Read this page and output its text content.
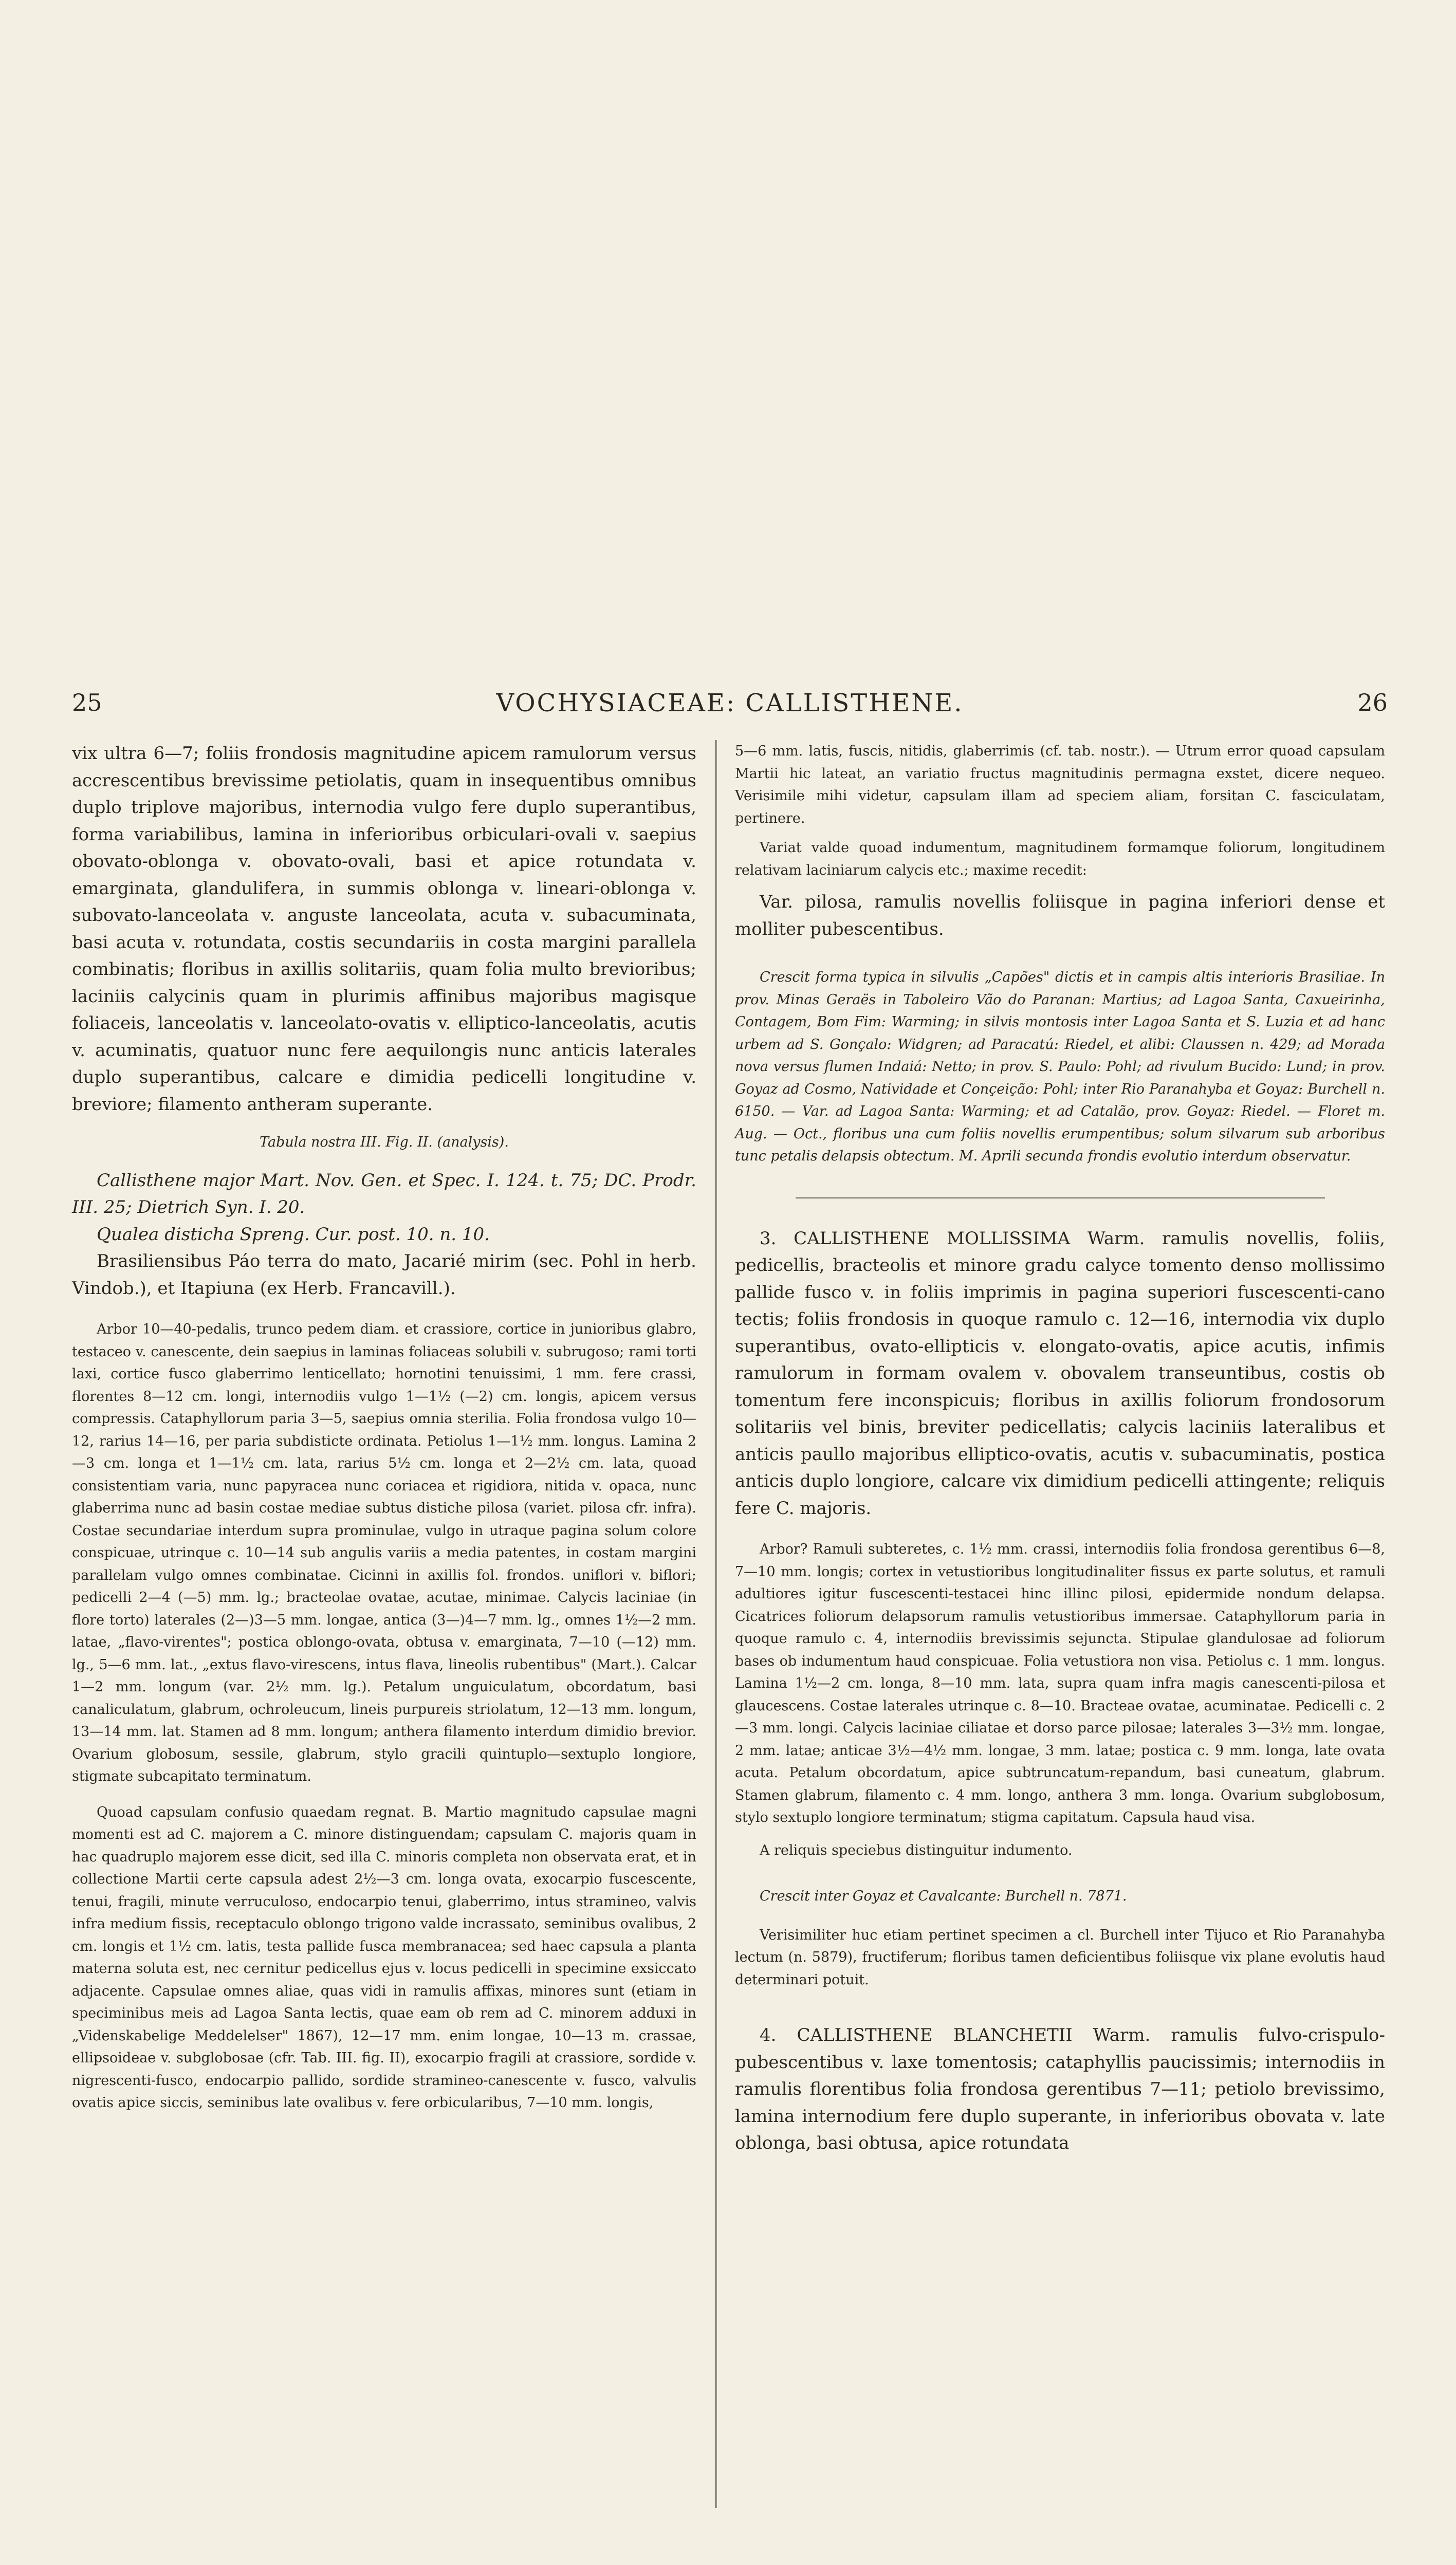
25	VOCHYSIACEAE: CALLISTHENE.	26

vix ultra 6—7; foliis frondosis magnitudine apicem ramulorum versus accrescentibus brevissime petiolatis, quam in insequentibus omnibus duplo triplove majoribus, internodia vulgo fere duplo superantibus, forma variabilibus, lamina in inferioribus orbiculari-ovali v. saepius obovato-oblonga v. obovato-ovali, basi et apice rotundata v. emarginata, glandulifera, in summis oblonga v. lineari-oblonga v. subovato-lanceolata v. anguste lanceolata, acuta v. subacuminata, basi acuta v. rotundata, costis secundariis in costa margini parallela combinatis; floribus in axillis solitariis, quam folia multo brevioribus; laciniis calycinis quam in plurimis affinibus majoribus magisque foliaceis, lanceolatis v. lanceolato-ovatis v. elliptico-lanceolatis, acutis v. acuminatis, quatuor nunc fere aequilongis nunc anticis laterales duplo superantibus, calcare e dimidia pedicelli longitudine v. breviore; filamento antheram superante.

Tabula nostra III. Fig. II. (analysis).

Callisthene major Mart. Nov. Gen. et Spec. I. 124. t. 75; DC. Prodr. III. 25; Dietrich Syn. I. 20.

Qualea disticha Spreng. Cur. post. 10. n. 10.

Brasiliensibus Páo terra do mato, Jacarié mirim (sec. Pohl in herb. Vindob.), et Itapiuna (ex Herb. Francavill.).

Arbor 10—40-pedalis, trunco pedem diam. et crassiore, cortice in junioribus glabro, testaceo v. canescente, dein saepius in laminas foliaceas solubili v. subrugoso; rami torti laxi, cortice fusco glaberrimo lenticellato; hornotini tenuissimi, 1 mm. fere crassi, florentes 8—12 cm. longi, internodiis vulgo 1—1½ (—2) cm. longis, apicem versus compressis. Cataphyllorum paria 3—5, saepius omnia sterilia. Folia frondosa vulgo 10—12, rarius 14—16, per paria subdisticte ordinata. Petiolus 1—1½ mm. longus. Lamina 2—3 cm. longa et 1—1½ cm. lata, rarius 5½ cm. longa et 2—2½ cm. lata, quoad consistentiam varia, nunc papyracea nunc coriacea et rigidiora, nitida v. opaca, nunc glaberrima nunc ad basin costae mediae subtus distiche pilosa (variet. pilosa cfr. infra). Costae secundariae interdum supra prominulae, vulgo in utraque pagina solum colore conspicuae, utrinque c. 10—14 sub angulis variis a media patentes, in costam margini parallelam vulgo omnes combinatae. Cicinni in axillis fol. frondos. uniflori v. biflori; pedicelli 2—4 (—5) mm. lg.; bracteolae ovatae, acutae, minimae. Calycis laciniae (in flore torto) laterales (2—)3—5 mm. longae, antica (3—)4—7 mm. lg., omnes 1½—2 mm. latae, „flavo-virentes"; postica oblongo-ovata, obtusa v. emarginata, 7—10 (—12) mm. lg., 5—6 mm. lat., „extus flavo-virescens, intus flava, lineolis rubentibus" (Mart.). Calcar 1—2 mm. longum (var. 2½ mm. lg.). Petalum unguiculatum, obcordatum, basi canaliculatum, glabrum, ochroleucum, lineis purpureis striolatum, 12—13 mm. longum, 13—14 mm. lat. Stamen ad 8 mm. longum; anthera filamento interdum dimidio brevior. Ovarium globosum, sessile, glabrum, stylo gracili quintuplo—sextuplo longiore, stigmate subcapitato terminatum.

Quoad capsulam confusio quaedam regnat. B. Martio magnitudo capsulae magni momenti est ad C. majorem a C. minore distinguendam; capsulam C. majoris quam in hac quadruplo majorem esse dicit, sed illa C. minoris completa non observata erat, et in collectione Martii certe capsula adest 2½—3 cm. longa ovata, exocarpio fuscescente, tenui, fragili, minute verruculoso, endocarpio tenui, glaberrimo, intus stramineo, valvis infra medium fissis, receptaculo oblongo trigono valde incrassato, seminibus ovalibus, 2 cm. longis et 1½ cm. latis, testa pallide fusca membranacea; sed haec capsula a planta materna soluta est, nec cernitur pedicellus ejus v. locus pedicelli in specimine exsiccato adjacente. Capsulae omnes aliae, quas vidi in ramulis affixas, minores sunt (etiam in speciminibus meis ad Lagoa Santa lectis, quae eam ob rem ad C. minorem adduxi in „Videnskabelige Meddelelser" 1867), 12—17 mm. enim longae, 10—13 m. crassae, ellipsoideae v. subglobosae (cfr. Tab. III. fig. II), exocarpio fragili at crassiore, sordide v. nigrescenti-fusco, endocarpio pallido, sordide stramineo-canescente v. fusco, valvulis ovatis apice siccis, seminibus late ovalibus v. fere orbicularibus, 7—10 mm. longis,

5—6 mm. latis, fuscis, nitidis, glaberrimis (cf. tab. nostr.). — Utrum error quoad capsulam Martii hic lateat, an variatio fructus magnitudinis permagna exstet, dicere nequeo. Verisimile mihi videtur, capsulam illam ad speciem aliam, forsitan C. fasciculatam, pertinere.

Variat valde quoad indumentum, magnitudinem formamque foliorum, longitudinem relativam laciniarum calycis etc.; maxime recedit:

Var. pilosa, ramulis novellis foliisque in pagina inferiori dense et molliter pubescentibus.

Crescit forma typica in silvulis „Capões" dictis et in campis altis interioris Brasiliae. In prov. Minas Geraës in Taboleiro Vão do Paranan: Martius; ad Lagoa Santa, Caxueirinha, Contagem, Bom Fim: Warming; in silvis montosis inter Lagoa Santa et S. Luzia et ad hanc urbem ad S. Gonçalo: Widgren; ad Paracatú: Riedel, et alibi: Claussen n. 429; ad Morada nova versus flumen Indaiá: Netto; in prov. S. Paulo: Pohl; ad rivulum Bucido: Lund; in prov. Goyaz ad Cosmo, Natividade et Conçeição: Pohl; inter Rio Paranahyba et Goyaz: Burchell n. 6150. — Var. ad Lagoa Santa: Warming; et ad Catalão, prov. Goyaz: Riedel. — Floret m. Aug. — Oct., floribus una cum foliis novellis erumpentibus; solum silvarum sub arboribus tunc petalis delapsis obtectum. M. Aprili secunda frondis evolutio interdum observatur.

3. CALLISTHENE MOLLISSIMA Warm. ramulis novellis, foliis, pedicellis, bracteolis et minore gradu calyce tomento denso mollissimo pallide fusco v. in foliis imprimis in pagina superiori fuscescenti-cano tectis; foliis frondosis in quoque ramulo c. 12—16, internodia vix duplo superantibus, ovato-ellipticis v. elongato-ovatis, apice acutis, infimis ramulorum in formam ovalem v. obovalem transeuntibus, costis ob tomentum fere inconspicuis; floribus in axillis foliorum frondosorum solitariis vel binis, breviter pedicellatis; calycis laciniis lateralibus et anticis paullo majoribus elliptico-ovatis, acutis v. subacuminatis, postica anticis duplo longiore, calcare vix dimidium pedicelli attingente; reliquis fere C. majoris.

Arbor? Ramuli subteretes, c. 1½ mm. crassi, internodiis folia frondosa gerentibus 6—8, 7—10 mm. longis; cortex in vetustioribus longitudinaliter fissus ex parte solutus, et ramuli adultiores igitur fuscescenti-testacei hinc illinc pilosi, epidermide nondum delapsa. Cicatrices foliorum delapsorum ramulis vetustioribus immersae. Cataphyllorum paria in quoque ramulo c. 4, internodiis brevissimis sejuncta. Stipulae glandulosae ad foliorum bases ob indumentum haud conspicuae. Folia vetustiora non visa. Petiolus c. 1 mm. longus. Lamina 1½—2 cm. longa, 8—10 mm. lata, supra quam infra magis canescenti-pilosa et glaucescens. Costae laterales utrinque c. 8—10. Bracteae ovatae, acuminatae. Pedicelli c. 2—3 mm. longi. Calycis laciniae ciliatae et dorso parce pilosae; laterales 3—3½ mm. longae, 2 mm. latae; anticae 3½—4½ mm. longae, 3 mm. latae; postica c. 9 mm. longa, late ovata acuta. Petalum obcordatum, apice subtruncatum-repandum, basi cuneatum, glabrum. Stamen glabrum, filamento c. 4 mm. longo, anthera 3 mm. longa. Ovarium subglobosum, stylo sextuplo longiore terminatum; stigma capitatum. Capsula haud visa.

A reliquis speciebus distinguitur indumento.

Crescit inter Goyaz et Cavalcante: Burchell n. 7871.

Verisimiliter huc etiam pertinet specimen a cl. Burchell inter Tijuco et Rio Paranahyba lectum (n. 5879), fructiferum; floribus tamen deficientibus foliisque vix plane evolutis haud determinari potuit.

4. CALLISTHENE BLANCHETII Warm. ramulis fulvo-crispulo-pubescentibus v. laxe tomentosis; cataphyllis paucissimis; internodiis in ramulis florentibus folia frondosa gerentibus 7—11; petiolo brevissimo, lamina internodium fere duplo superante, in inferioribus obovata v. late oblonga, basi obtusa, apice rotundata
